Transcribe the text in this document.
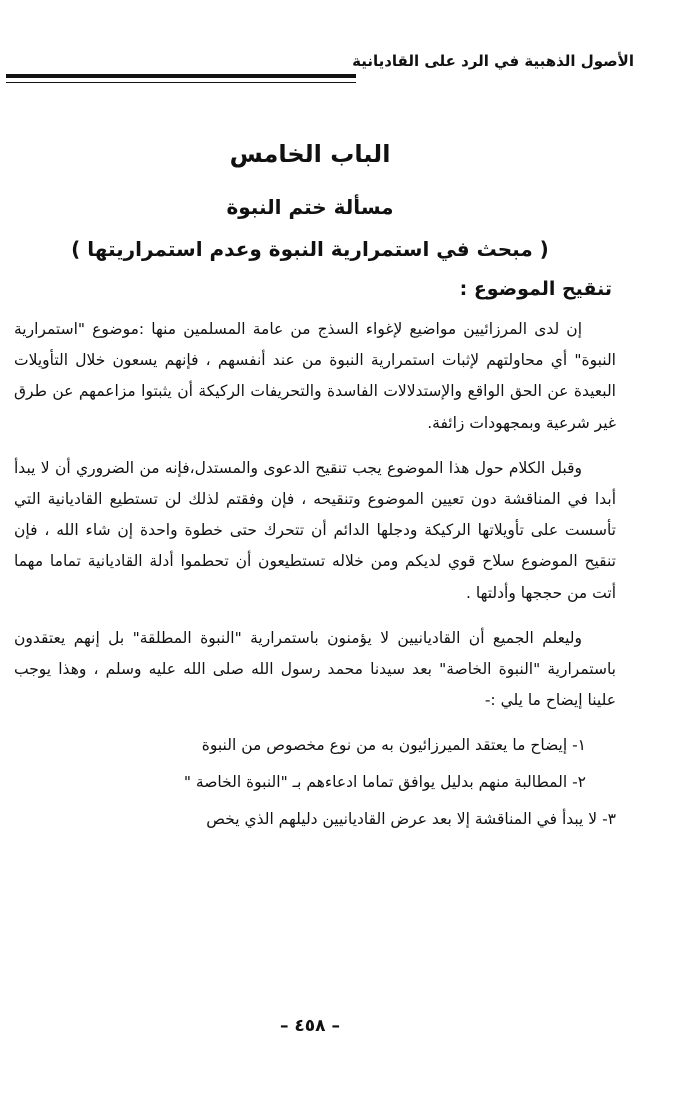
الأصول الذهبية في الرد على القاديانية
الباب الخامس
مسألة ختم النبوة
( مبحث في استمرارية النبوة وعدم استمراريتها )
تنقيح الموضوع :

إن لدى المرزائيين مواضيع لإغواء السذج من عامة المسلمين منها :موضوع "استمرارية النبوة" أي محاولتهم لإثبات استمرارية النبوة من عند أنفسهم ، فإنهم يسعون خلال التأويلات البعيدة عن الحق الواقع والإستدلالات الفاسدة والتحريفات الركيكة أن يثبتوا مزاعمهم عن طرق غير شرعية وبمجهودات زائفة.

وقبل الكلام حول هذا الموضوع يجب تنقيح الدعوى والمستدل،فإنه من الضروري أن لا يبدأ أبدا في المناقشة دون تعيين الموضوع وتنقيحه ، فإن وفقتم لذلك لن تستطيع القاديانية التي تأسست على تأويلاتها الركيكة ودجلها الدائم أن تتحرك حتى خطوة واحدة إن شاء الله ، فإن تنقيح الموضوع سلاح قوي لديكم ومن خلاله تستطيعون أن تحطموا أدلة القاديانية تماما مهما أتت من حججها وأدلتها .

وليعلم الجميع أن القاديانيين لا يؤمنون باستمرارية "النبوة المطلقة" بل إنهم يعتقدون باستمرارية "النبوة الخاصة" بعد سيدنا محمد رسول الله صلى الله عليه وسلم ، وهذا يوجب علينا إيضاح ما يلي :-

١- إيضاح ما يعتقد الميرزائيون به من نوع مخصوص من النبوة
٢- المطالبة منهم بدليل يوافق تماما ادعاءهم بـ "النبوة الخاصة "
٣- لا يبدأ في المناقشة إلا بعد عرض القاديانيين دليلهم الذي يخص
– ٤٥٨ –
